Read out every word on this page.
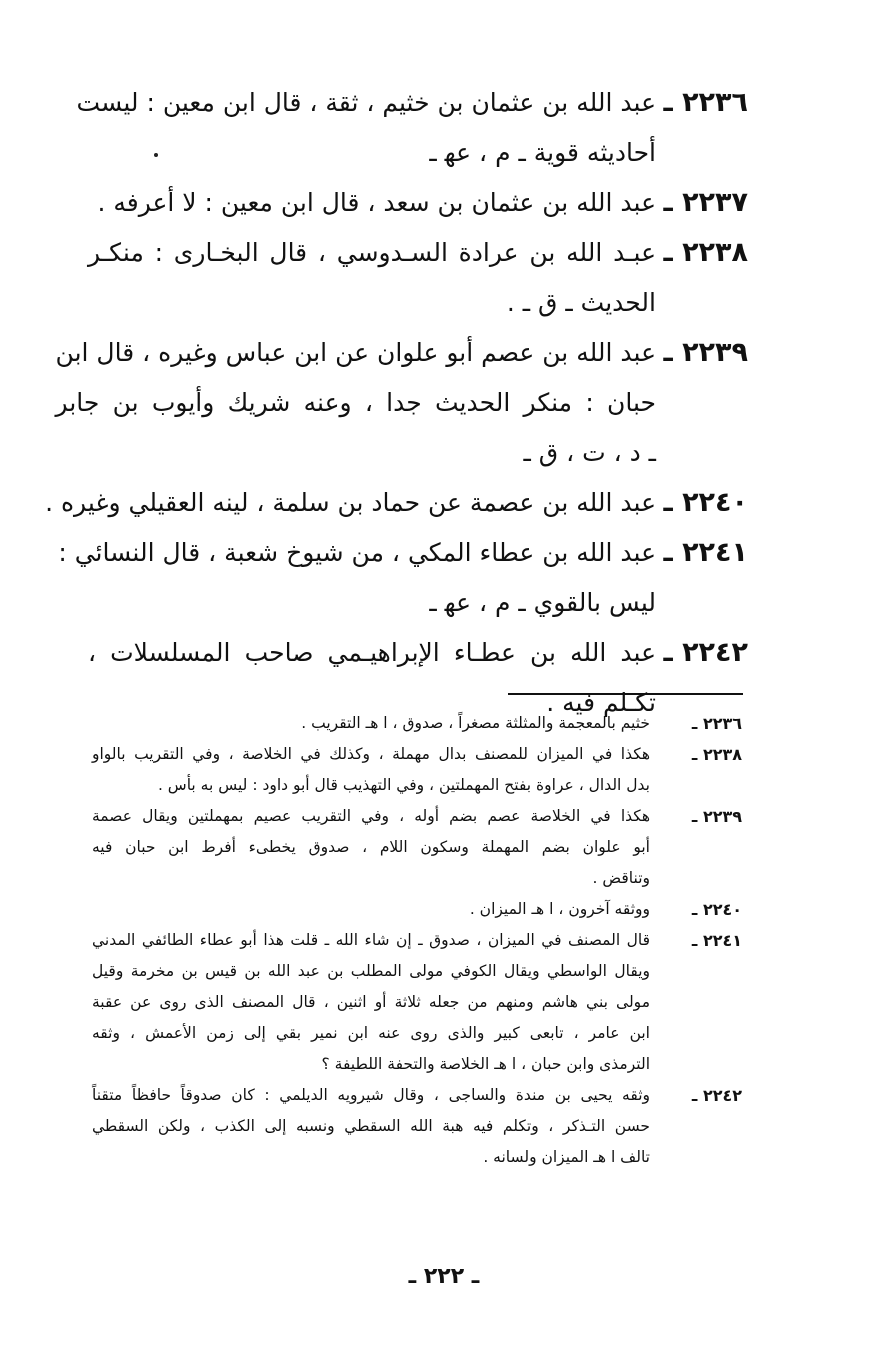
٢٢٣٦ ـ
عبد الله بن عثمان بن خثيم ، ثقة ، قال ابن معين : ليست
أحاديثه قوية ـ م ، عه‍ ـ
٢٢٣٧ ـ
عبد الله بن عثمان بن سعد ، قال ابن معين : لا أعرفه .
٢٢٣٨ ـ
عبـد الله بن عرادة السـدوسي ، قال البخـارى : منكـر
الحديث ـ ق ـ .
٢٢٣٩ ـ
عبد الله بن عصم أبو علوان عن ابن عباس وغيره ، قال ابن
حبان : منكر الحديث جدا ، وعنه شريك وأيوب بن جابر
ـ د ، ت ، ق ـ
٢٢٤٠ ـ
عبد الله بن عصمة عن حماد بن سلمة ، لينه العقيلي وغيره .
٢٢٤١ ـ
عبد الله بن عطاء المكي ، من شيوخ شعبة ، قال النسائي :
ليس بالقوي ـ م ، عه‍ ـ
٢٢٤٢ ـ
عبد الله بن عطـاء الإبراهيـمي صاحب المسلسلات ،
تكـلم فيه .
٢٢٣٦ ـ
خثيم بالمعجمة والمثلثة مصغراً ، صدوق ، ا هـ التقريب .
٢٢٣٨ ـ
هكذا في الميزان للمصنف بدال مهملة ، وكذلك في الخلاصة ، وفي التقريب بالواو
بدل الدال ، عراوة بفتح المهملتين ، وفي التهذيب قال أبو داود : ليس به بأس .
٢٢٣٩ ـ
هكذا في الخلاصة عصم بضم أوله ، وفي التقريب عصيم بمهملتين ويقال عصمة
أبو علوان بضم المهملة وسكون اللام ، صدوق يخطىء أفرط ابن حبان فيه
وتناقض .
٢٢٤٠ ـ
ووثقه آخرون ، ا هـ الميزان .
٢٢٤١ ـ
قال المصنف في الميزان ، صدوق ـ إن شاء الله ـ قلت هذا أبو عطاء الطائفي المدني
ويقال الواسطي ويقال الكوفي مولى المطلب بن عبد الله بن قيس بن مخرمة وقيل
مولى بني هاشم ومنهم من جعله ثلاثة أو اثنين ، قال المصنف الذى روى عن عقبة
ابن عامر ، تابعى كبير والذى روى عنه ابن نمير بقي إلى زمن الأعمش ، وثقه
الترمذى وابن حبان ، ا هـ الخلاصة والتحفة اللطيفة ؟
٢٢٤٢ ـ
وثقه يحيى بن مندة والساجى ، وقال شيرويه الديلمي : كان صدوقاً حافظاً متقناً
حسن التـذكر ، وتكلم فيه هبة الله السقطي ونسبه إلى الكذب ، ولكن السقطي
تالف ا هـ الميزان ولسانه .
ـ ٢٢٢ ـ
